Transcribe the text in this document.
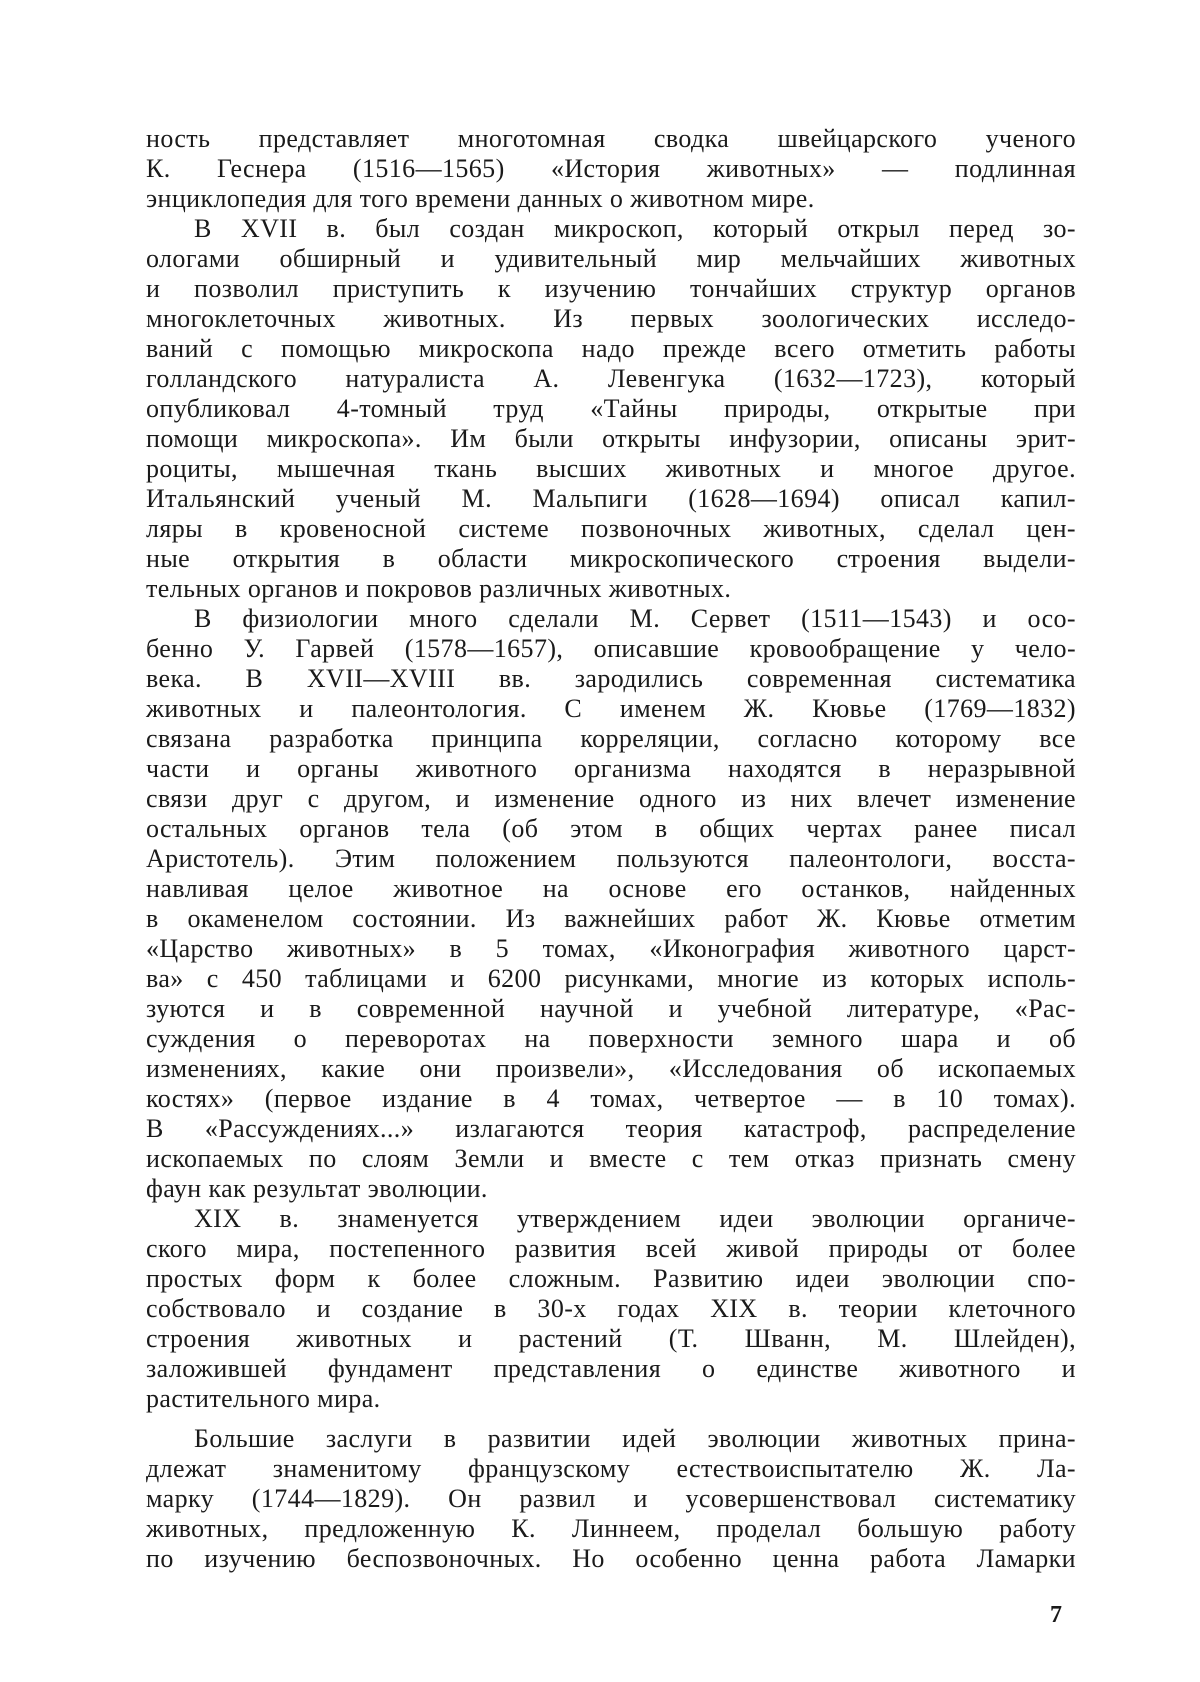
ность представляет многотомная сводка швейцарского ученого
К. Геснера (1516—1565) «История животных» — подлинная
энциклопедия для того времени данных о животном мире.
В XVII в. был создан микроскоп, который открыл перед зо-
ологами обширный и удивительный мир мельчайших животных
и позволил приступить к изучению тончайших структур органов
многоклеточных животных. Из первых зоологических исследо-
ваний с помощью микроскопа надо прежде всего отметить работы
голландского натуралиста А. Левенгука (1632—1723), который
опубликовал 4-томный труд «Тайны природы, открытые при
помощи микроскопа». Им были открыты инфузории, описаны эрит-
роциты, мышечная ткань высших животных и многое другое.
Итальянский ученый М. Мальпиги (1628—1694) описал капил-
ляры в кровеносной системе позвоночных животных, сделал цен-
ные открытия в области микроскопического строения выдели-
тельных органов и покровов различных животных.
В физиологии много сделали М. Сервет (1511—1543) и осо-
бенно У. Гарвей (1578—1657), описавшие кровообращение у чело-
века. В XVII—XVIII вв. зародились современная систематика
животных и палеонтология. С именем Ж. Кювье (1769—1832)
связана разработка принципа корреляции, согласно которому все
части и органы животного организма находятся в неразрывной
связи друг с другом, и изменение одного из них влечет изменение
остальных органов тела (об этом в общих чертах ранее писал
Аристотель). Этим положением пользуются палеонтологи, восста-
навливая целое животное на основе его останков, найденных
в окаменелом состоянии. Из важнейших работ Ж. Кювье отметим
«Царство животных» в 5 томах, «Иконография животного царст-
ва» с 450 таблицами и 6200 рисунками, многие из которых исполь-
зуются и в современной научной и учебной литературе, «Рас-
суждения о переворотах на поверхности земного шара и об
изменениях, какие они произвели», «Исследования об ископаемых
костях» (первое издание в 4 томах, четвертое — в 10 томах).
В «Рассуждениях...» излагаются теория катастроф, распределение
ископаемых по слоям Земли и вместе с тем отказ признать смену
фаун как результат эволюции.
XIX в. знаменуется утверждением идеи эволюции органиче-
ского мира, постепенного развития всей живой природы от более
простых форм к более сложным. Развитию идеи эволюции спо-
собствовало и создание в 30-х годах XIX в. теории клеточного
строения животных и растений (Т. Шванн, М. Шлейден),
заложившей фундамент представления о единстве животного и
растительного мира.
Большие заслуги в развитии идей эволюции животных прина-
длежат знаменитому французскому естествоиспытателю Ж. Ла-
марку (1744—1829). Он развил и усовершенствовал систематику
животных, предложенную К. Линнеем, проделал большую работу
по изучению беспозвоночных. Но особенно ценна работа Ламарки
7
